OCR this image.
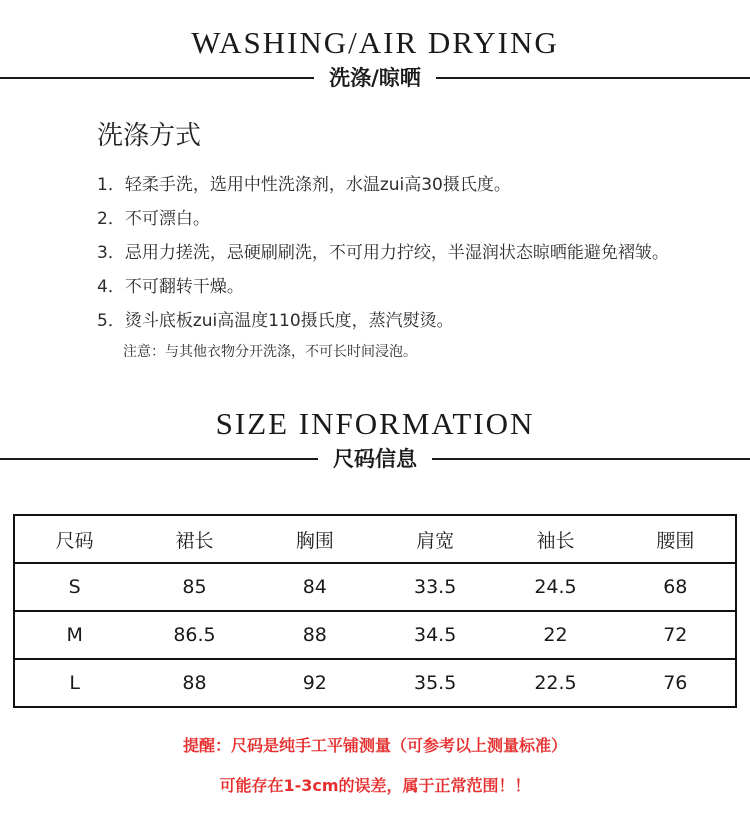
WASHING/AIR DRYING
洗涤/晾晒
洗涤方式
1．轻柔手洗，选用中性洗涤剂，水温zui高30摄氏度。
2．不可漂白。
3．忌用力搓洗，忌硬刷刷洗，不可用力拧绞，半湿润状态晾晒能避免褶皱。
4．不可翻转干燥。
5．烫斗底板zui高温度110摄氏度，蒸汽熨烫。
注意：与其他衣物分开洗涤，不可长时间浸泡。
SIZE INFORMATION
尺码信息
尺码	裙长	胸围	肩宽	袖长	腰围
S	85	84	33.5	24.5	68
M	86.5	88	34.5	22	72
L	88	92	35.5	22.5	76
提醒：尺码是纯手工平铺测量（可参考以上测量标准）
可能存在1-3cm的误差，属于正常范围！！
